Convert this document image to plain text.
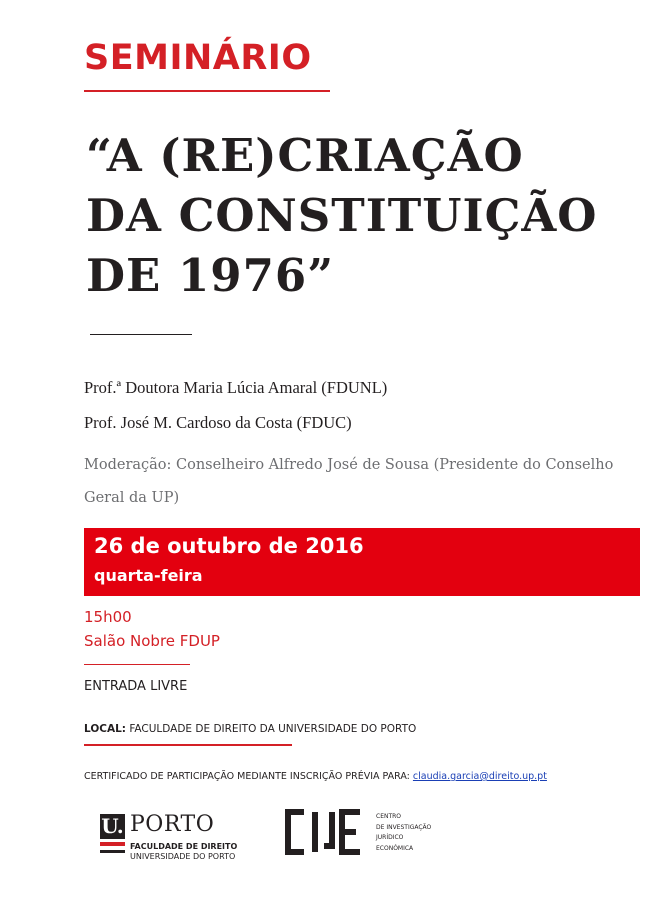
SEMINÁRIO
“A (RE)CRIAÇÃO
DA CONSTITUIÇÃO
DE 1976”
Prof.ª Doutora Maria Lúcia Amaral (FDUNL)
Prof. José M. Cardoso da Costa (FDUC)
Moderação: Conselheiro Alfredo José de Sousa (Presidente do Conselho Geral da UP)
26 de outubro de 2016
quarta-feira
15h00
Salão Nobre FDUP
ENTRADA LIVRE
LOCAL: FACULDADE DE DIREITO DA UNIVERSIDADE DO PORTO
CERTIFICADO DE PARTICIPAÇÃO MEDIANTE INSCRIÇÃO PRÉVIA PARA: claudia.garcia@direito.up.pt
U. PORTO
FACULDADE DE DIREITO
UNIVERSIDADE DO PORTO
CENTRO
DE INVESTIGAÇÃO
JURÍDICO
ECONÓMICA
